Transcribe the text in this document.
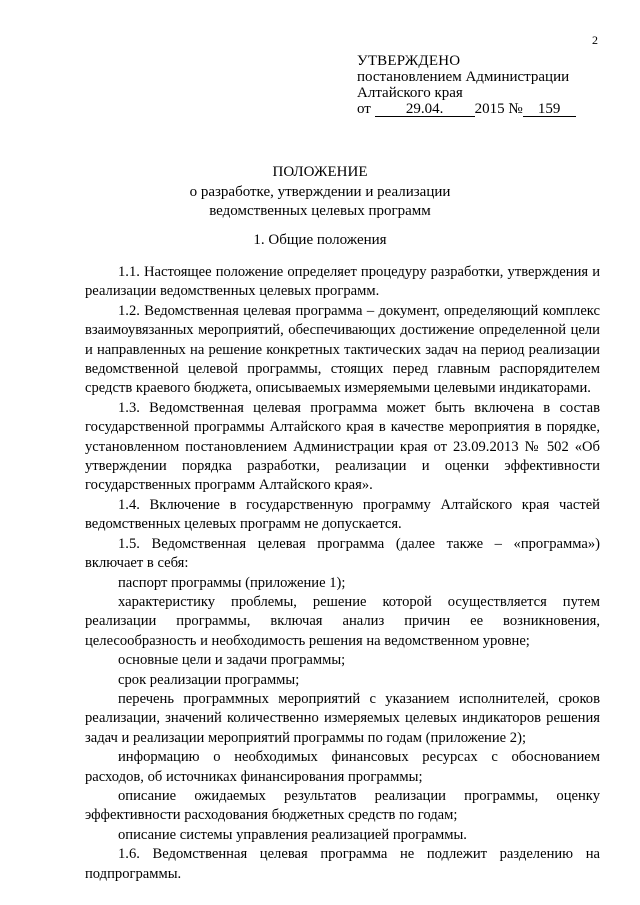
2
УТВЕРЖДЕНО
постановлением Администрации
Алтайского края
от 29.04. 2015 № 159
ПОЛОЖЕНИЕ
о разработке, утверждении и реализации
ведомственных целевых программ
1. Общие положения

1.1. Настоящее положение определяет процедуру разработки, утверждения и реализации ведомственных целевых программ.

1.2. Ведомственная целевая программа – документ, определяющий комплекс взаимоувязанных мероприятий, обеспечивающих достижение определенной цели и направленных на решение конкретных тактических задач на период реализации ведомственной целевой программы, стоящих перед главным распорядителем средств краевого бюджета, описываемых измеряемыми целевыми индикаторами.

1.3. Ведомственная целевая программа может быть включена в состав государственной программы Алтайского края в качестве мероприятия в порядке, установленном постановлением Администрации края от 23.09.2013 № 502 «Об утверждении порядка разработки, реализации и оценки эффективности государственных программ Алтайского края».

1.4. Включение в государственную программу Алтайского края частей ведомственных целевых программ не допускается.

1.5. Ведомственная целевая программа (далее также – «программа») включает в себя:

паспорт программы (приложение 1);

характеристику проблемы, решение которой осуществляется путем реализации программы, включая анализ причин ее возникновения, целесообразность и необходимость решения на ведомственном уровне;

основные цели и задачи программы;

срок реализации программы;

перечень программных мероприятий с указанием исполнителей, сроков реализации, значений количественно измеряемых целевых индикаторов решения задач и реализации мероприятий программы по годам (приложение 2);

информацию о необходимых финансовых ресурсах с обоснованием расходов, об источниках финансирования программы;

описание ожидаемых результатов реализации программы, оценку эффективности расходования бюджетных средств по годам;

описание системы управления реализацией программы.

1.6. Ведомственная целевая программа не подлежит разделению на подпрограммы.
